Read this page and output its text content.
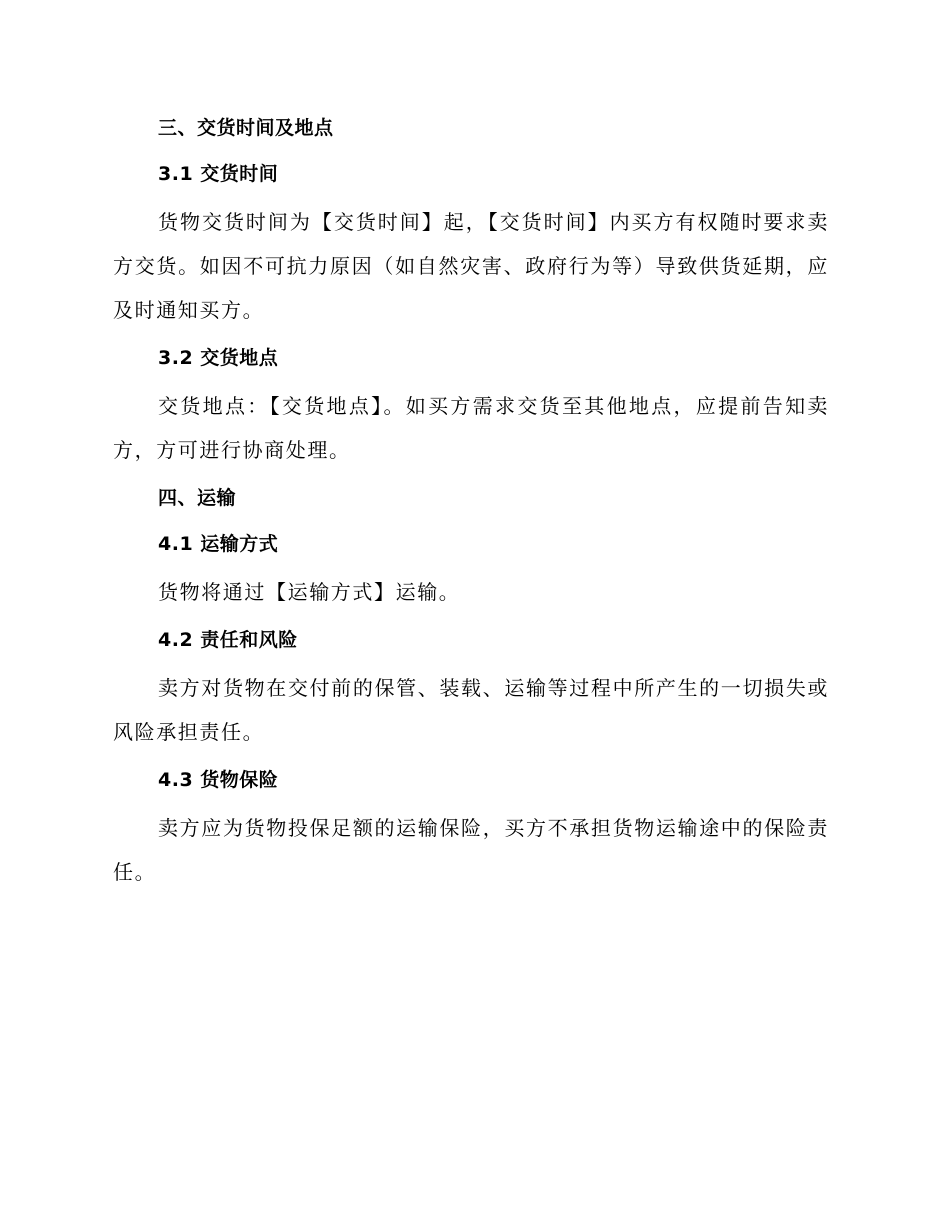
三、交货时间及地点
3.1 交货时间

货物交货时间为【交货时间】起，【交货时间】内买方有权随时要求卖方交货。如因不可抗力原因（如自然灾害、政府行为等）导致供货延期，应及时通知买方。

3.2 交货地点

交货地点：【交货地点】。如买方需求交货至其他地点，应提前告知卖方，方可进行协商处理。

四、运输
4.1 运输方式

货物将通过【运输方式】运输。

4.2 责任和风险

卖方对货物在交付前的保管、装载、运输等过程中所产生的一切损失或风险承担责任。

4.3 货物保险

卖方应为货物投保足额的运输保险，买方不承担货物运输途中的保险责任。
